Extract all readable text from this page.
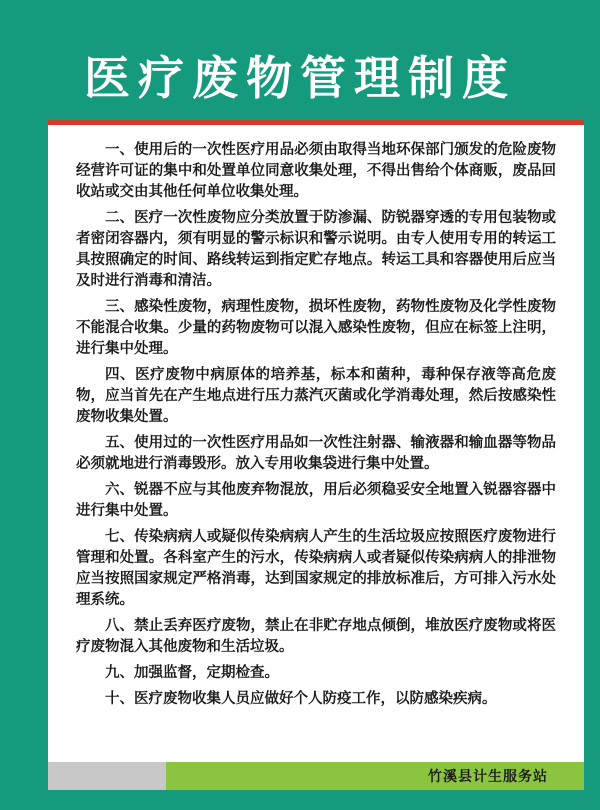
医疗废物管理制度

一、使用后的一次性医疗用品必须由取得当地环保部门颁发的危险废物经营许可证的集中和处置单位同意收集处理，不得出售给个体商贩，废品回收站或交由其他任何单位收集处理。

二、医疗一次性废物应分类放置于防渗漏、防锐器穿透的专用包装物或者密闭容器内，须有明显的警示标识和警示说明。由专人使用专用的转运工具按照确定的时间、路线转运到指定贮存地点。转运工具和容器使用后应当及时进行消毒和清洁。

三、感染性废物，病理性废物，损坏性废物，药物性废物及化学性废物不能混合收集。少量的药物废物可以混入感染性废物，但应在标签上注明，进行集中处理。

四、医疗废物中病原体的培养基，标本和菌种，毒种保存液等高危废物，应当首先在产生地点进行压力蒸汽灭菌或化学消毒处理，然后按感染性废物收集处置。

五、使用过的一次性医疗用品如一次性注射器、输液器和输血器等物品必须就地进行消毒毁形。放入专用收集袋进行集中处置。

六、锐器不应与其他废弃物混放，用后必须稳妥安全地置入锐器容器中进行集中处置。

七、传染病病人或疑似传染病病人产生的生活垃圾应按照医疗废物进行管理和处置。各科室产生的污水，传染病病人或者疑似传染病病人的排泄物应当按照国家规定严格消毒，达到国家规定的排放标准后，方可排入污水处理系统。

八、禁止丢弃医疗废物，禁止在非贮存地点倾倒，堆放医疗废物或将医疗废物混入其他废物和生活垃圾。

九、加强监督，定期检查。

十、医疗废物收集人员应做好个人防疫工作，以防感染疾病。

竹溪县计生服务站
